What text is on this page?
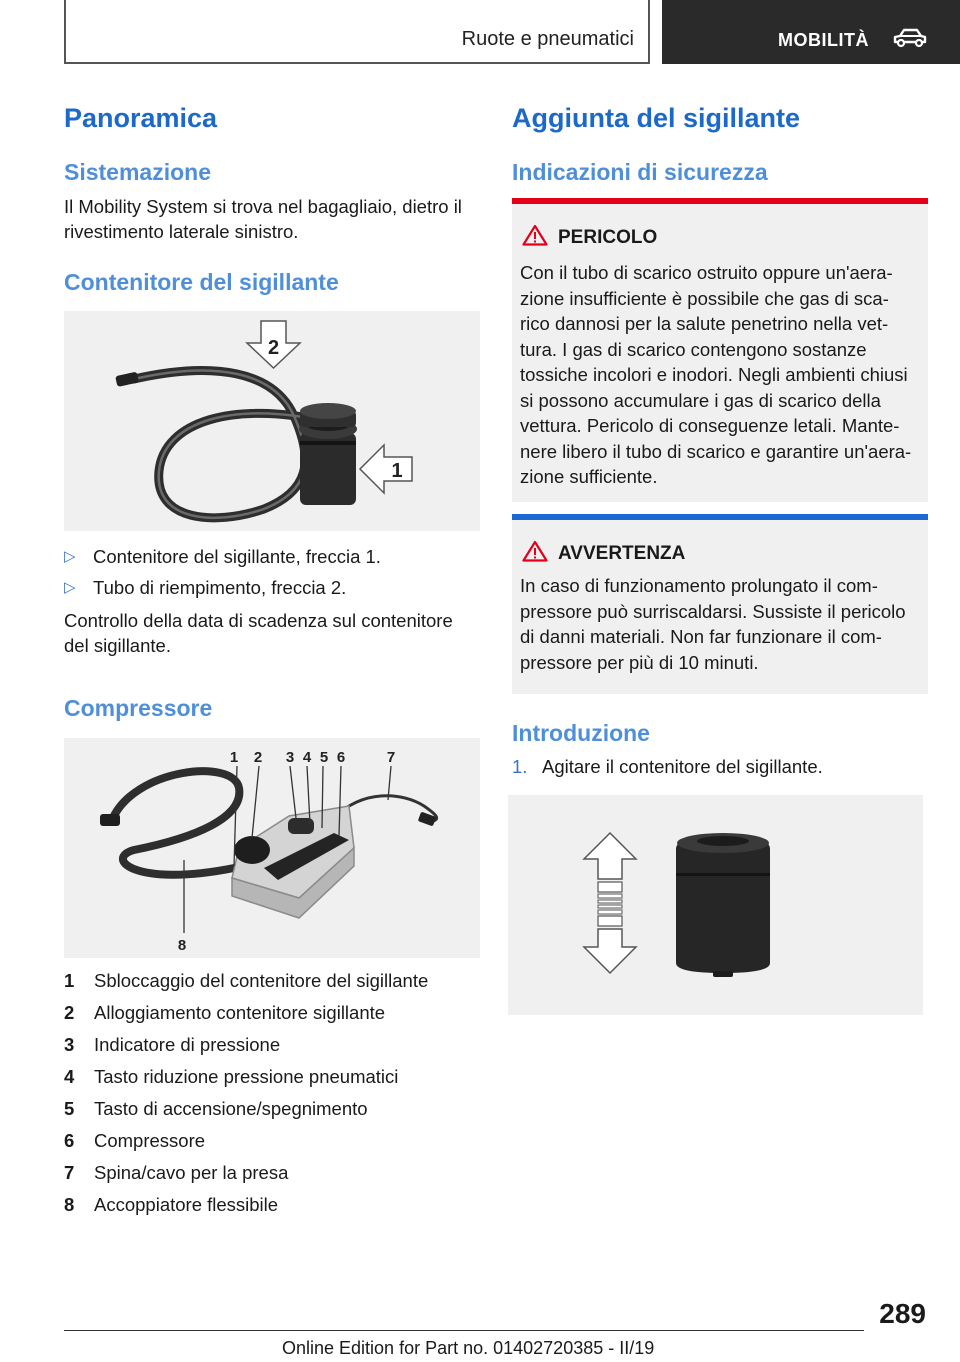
Ruote e pneumatici	MOBILITÀ
Panoramica
Sistemazione
Il Mobility System si trova nel bagagliaio, dietro il
rivestimento laterale sinistro.
Contenitore del sigillante
2
1
▷ Contenitore del sigillante, freccia 1.
▷ Tubo di riempimento, freccia 2.
Controllo della data di scadenza sul contenitore
del sigillante.
Compressore
1 2 3 4 5 6	7
8
1 Sbloccaggio del contenitore del sigillante
2 Alloggiamento contenitore sigillante
3 Indicatore di pressione
4 Tasto riduzione pressione pneumatici
5 Tasto di accensione/spegnimento
6 Compressore
7 Spina/cavo per la presa
8 Accoppiatore flessibile
Aggiunta del sigillante
Indicazioni di sicurezza
PERICOLO
Con il tubo di scarico ostruito oppure un'aera-
zione insufficiente è possibile che gas di sca-
rico dannosi per la salute penetrino nella vet-
tura. I gas di scarico contengono sostanze
tossiche incolori e inodori. Negli ambienti chiusi
si possono accumulare i gas di scarico della
vettura. Pericolo di conseguenze letali. Mante-
nere libero il tubo di scarico e garantire un'aera-
zione sufficiente.
AVVERTENZA
In caso di funzionamento prolungato il com-
pressore può surriscaldarsi. Sussiste il pericolo
di danni materiali. Non far funzionare il com-
pressore per più di 10 minuti.
Introduzione
1. Agitare il contenitore del sigillante.
289
Online Edition for Part no. 01402720385 - II/19
